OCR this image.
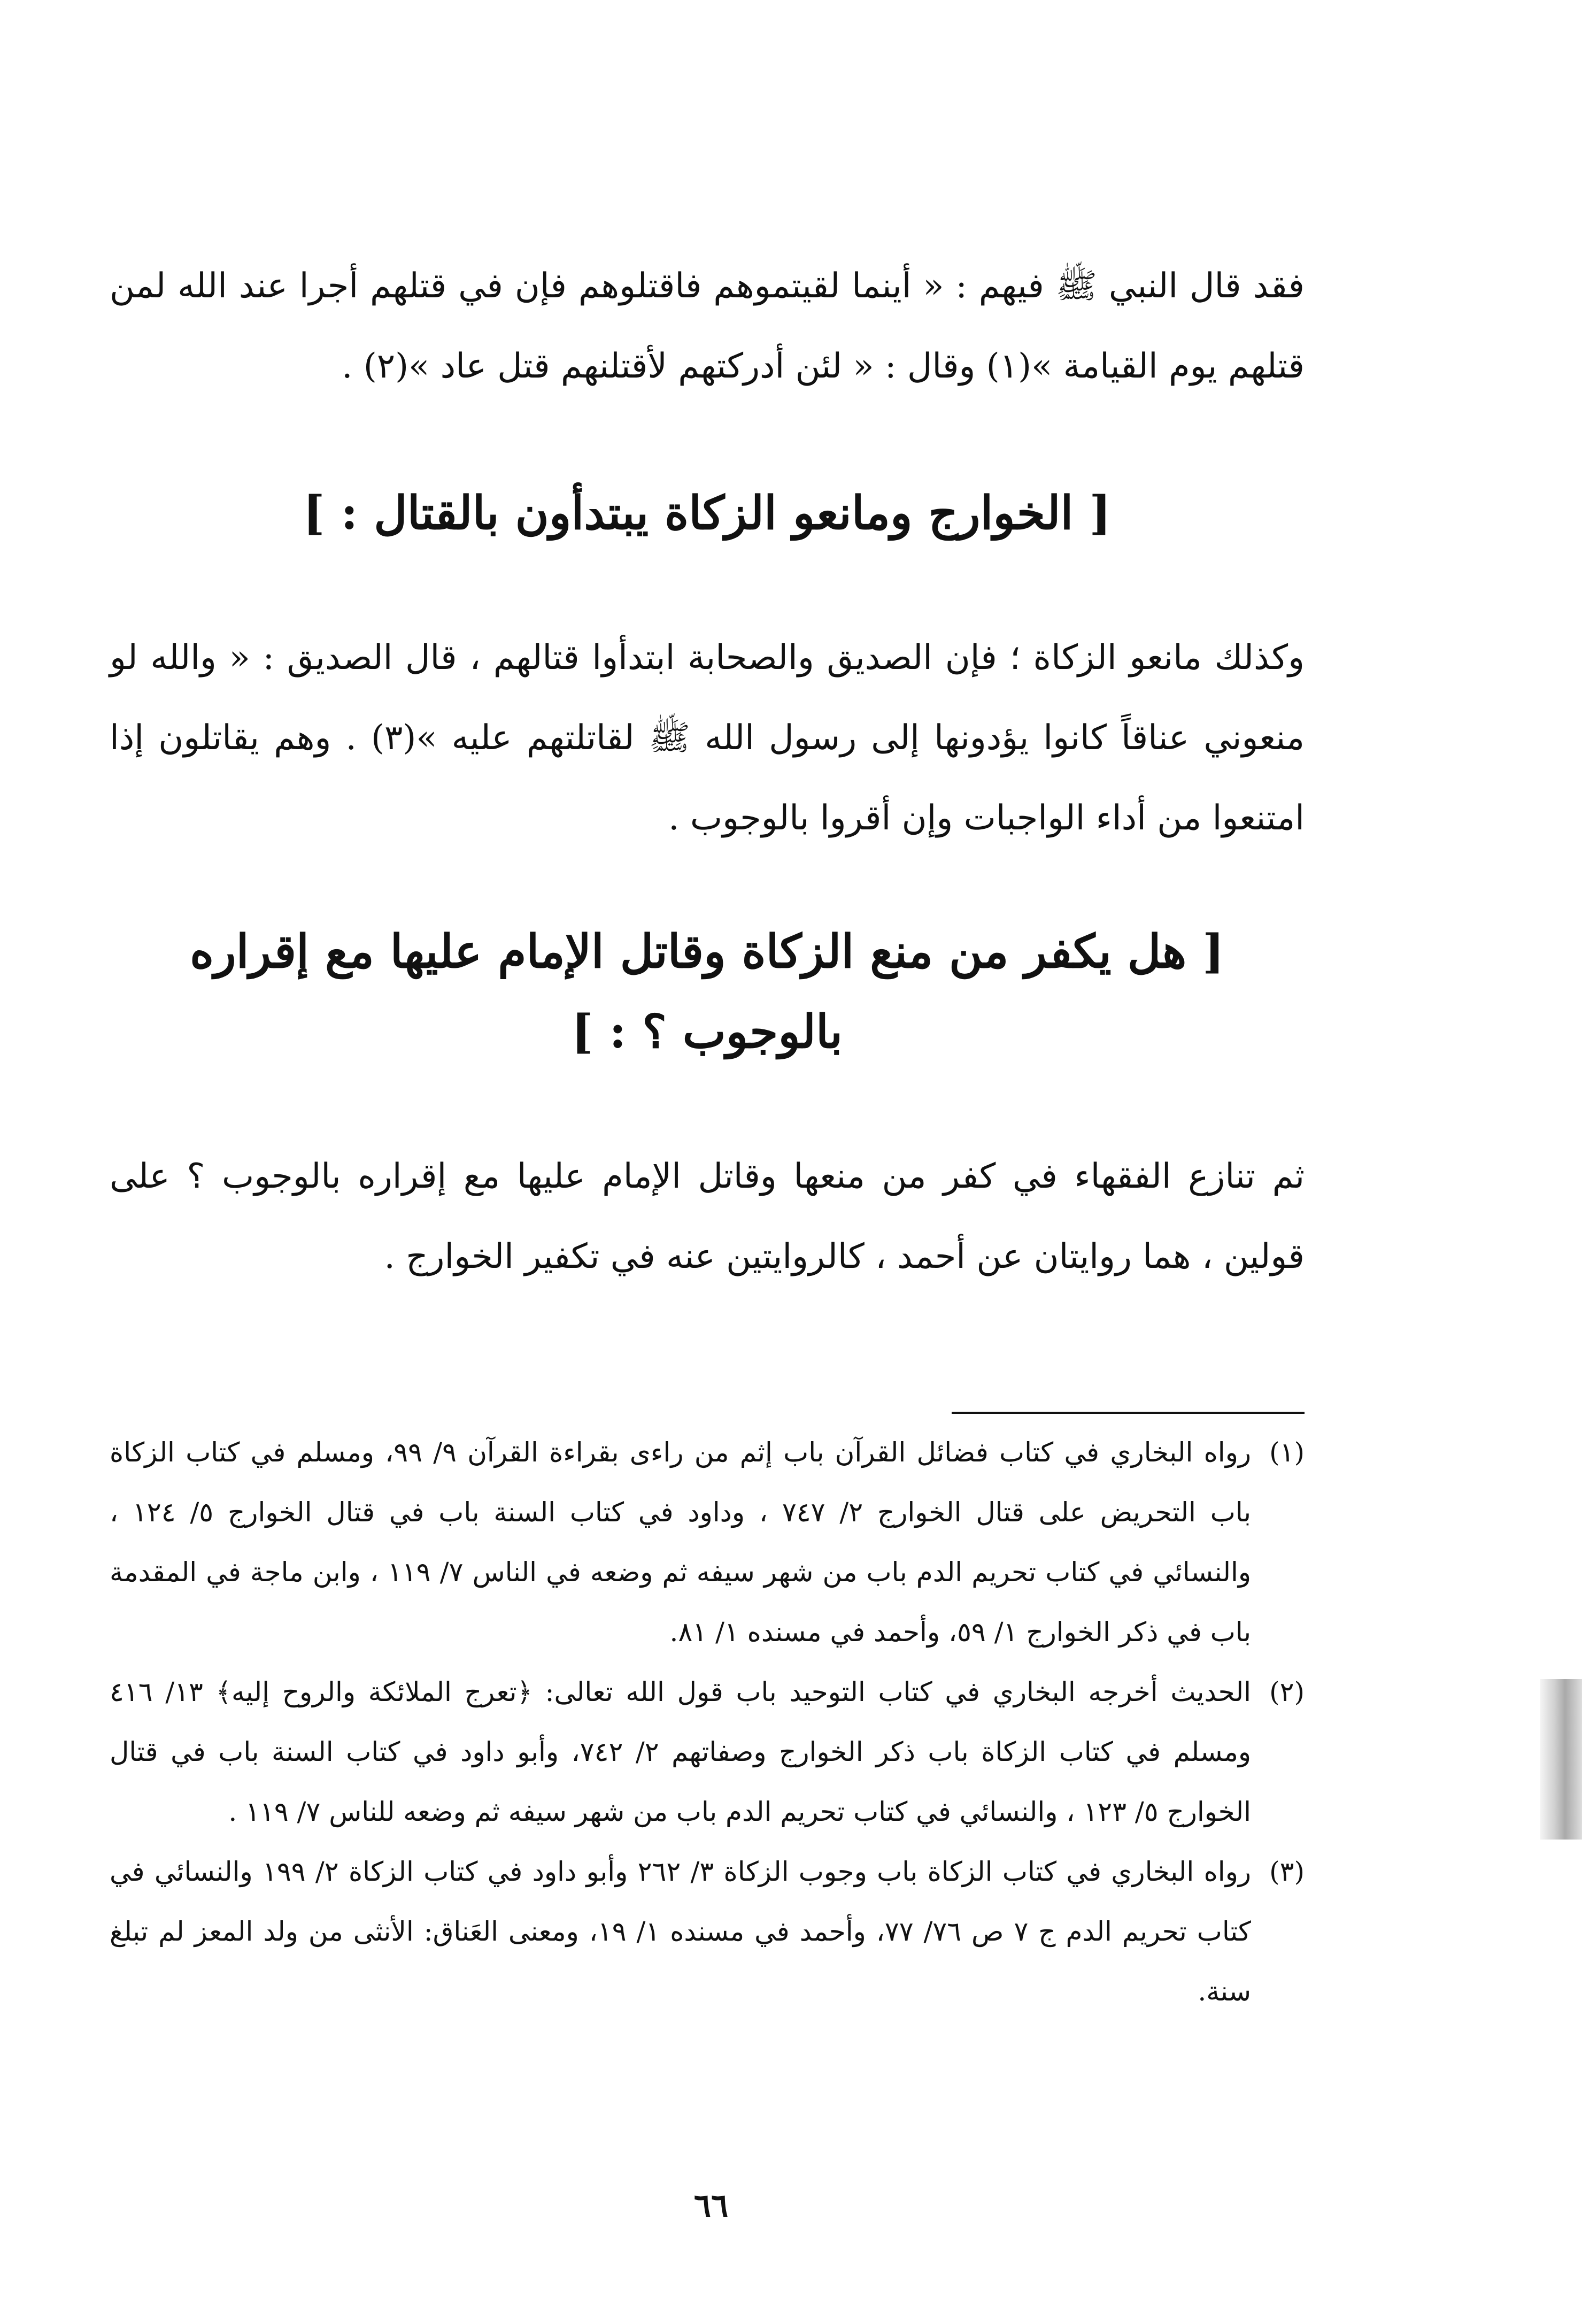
فقد قال النبي ﷺ فيهم : « أينما لقيتموهم فاقتلوهم فإن في قتلهم أجرا عند الله لمن قتلهم يوم القيامة »(١) وقال : « لئن أدركتهم لأقتلنهم قتل عاد »(٢) .

[ الخوارج ومانعو الزكاة يبتدأون بالقتال : ]

وكذلك مانعو الزكاة ؛ فإن الصديق والصحابة ابتدأوا قتالهم ، قال الصديق : « والله لو منعوني عناقاً كانوا يؤدونها إلى رسول الله ﷺ لقاتلتهم عليه »(٣) . وهم يقاتلون إذا امتنعوا من أداء الواجبات وإن أقروا بالوجوب .

[ هل يكفر من منع الزكاة وقاتل الإمام عليها مع إقراره بالوجوب ؟ : ]

ثم تنازع الفقهاء في كفر من منعها وقاتل الإمام عليها مع إقراره بالوجوب ؟ على قولين ، هما روايتان عن أحمد ، كالروايتين عنه في تكفير الخوارج .

(١)رواه البخاري في كتاب فضائل القرآن باب إثم من راءى بقراءة القرآن ٩/ ٩٩، ومسلم في كتاب الزكاة باب التحريض على قتال الخوارج ٢/ ٧٤٧ ، وداود في كتاب السنة باب في قتال الخوارج ٥/ ١٢٤ ، والنسائي في كتاب تحريم الدم باب من شهر سيفه ثم وضعه في الناس ٧/ ١١٩ ، وابن ماجة في المقدمة باب في ذكر الخوارج ١/ ٥٩، وأحمد في مسنده ١/ ٨١.

(٢)الحديث أخرجه البخاري في كتاب التوحيد باب قول الله تعالى: ﴿تعرج الملائكة والروح إليه﴾ ١٣/ ٤١٦ ومسلم في كتاب الزكاة باب ذكر الخوارج وصفاتهم ٢/ ٧٤٢، وأبو داود في كتاب السنة باب في قتال الخوارج ٥/ ١٢٣ ، والنسائي في كتاب تحريم الدم باب من شهر سيفه ثم وضعه للناس ٧/ ١١٩ .

(٣)رواه البخاري في كتاب الزكاة باب وجوب الزكاة ٣/ ٢٦٢ وأبو داود في كتاب الزكاة ٢/ ١٩٩ والنسائي في كتاب تحريم الدم ج ٧ ص ٧٦/ ٧٧، وأحمد في مسنده ١/ ١٩، ومعنى العَناق: الأنثى من ولد المعز لم تبلغ سنة.

٦٦
